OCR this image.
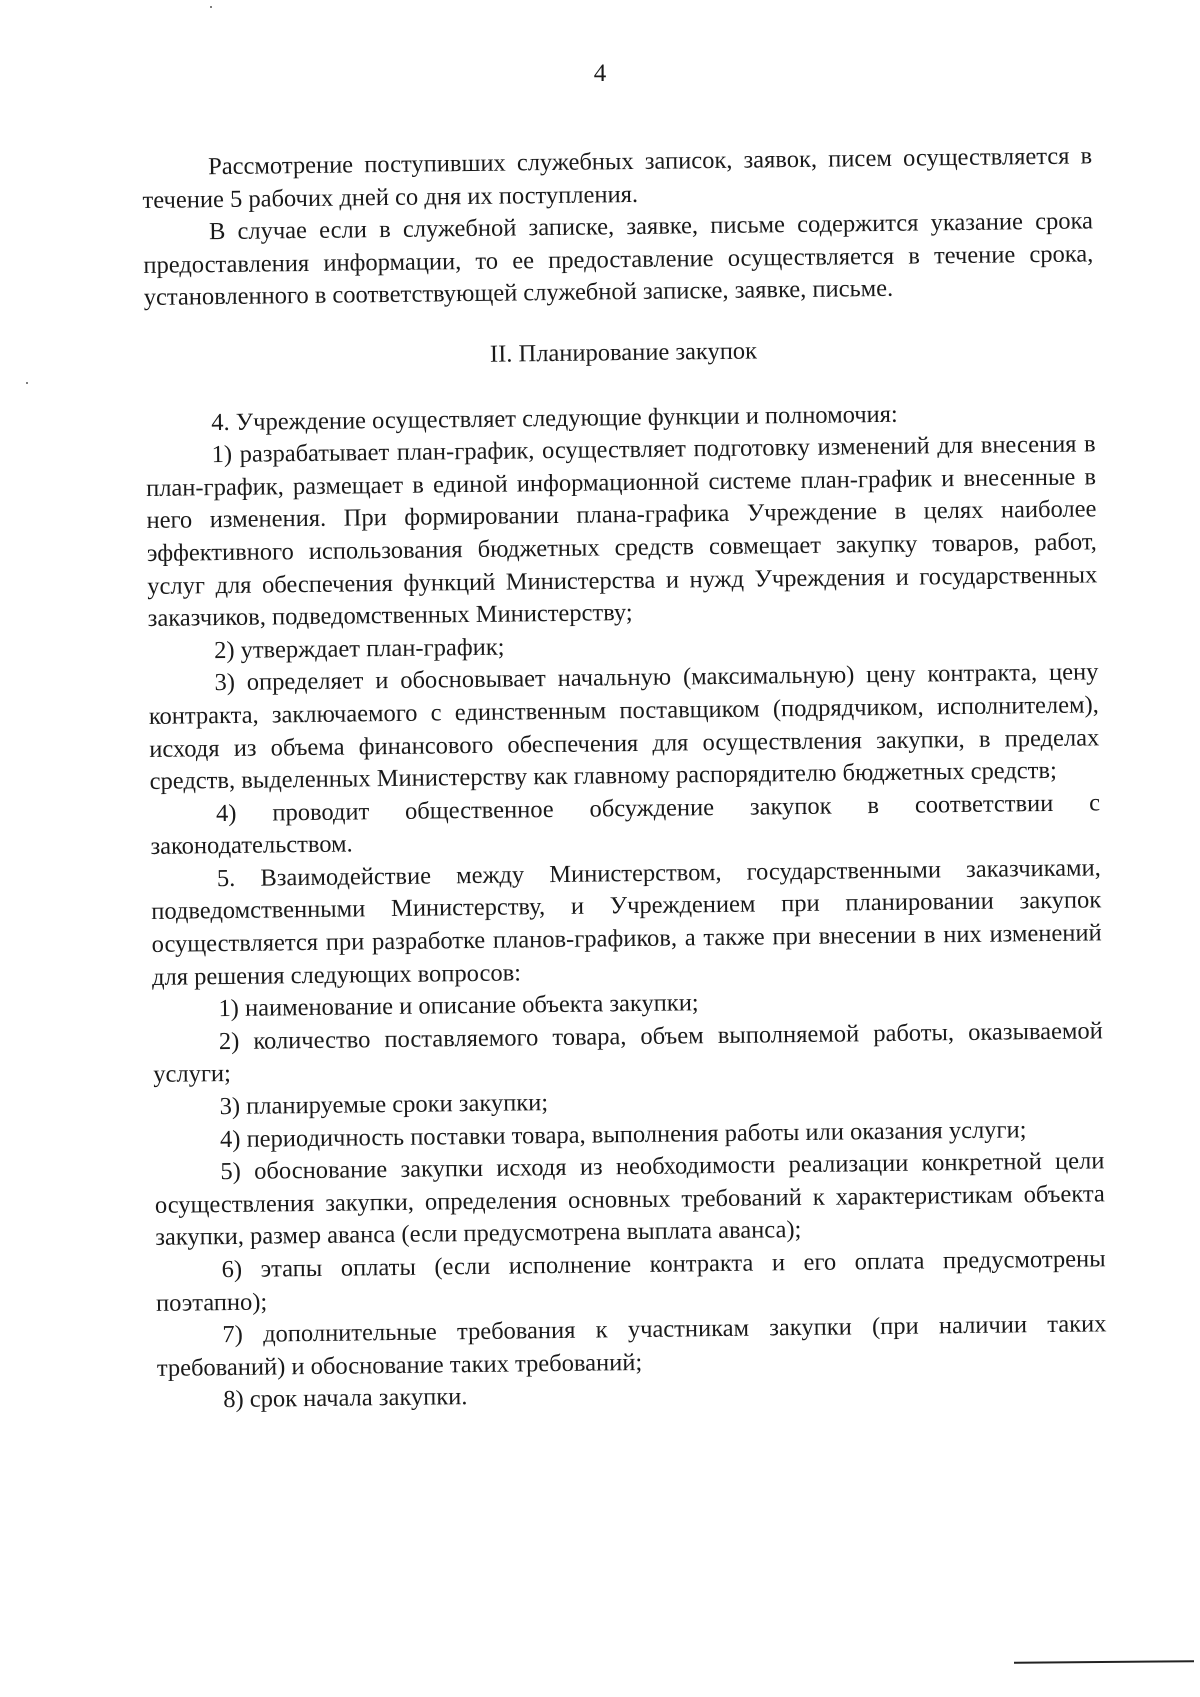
4

Рассмотрение поступивших служебных записок, заявок, писем осуществляется в течение 5 рабочих дней со дня их поступления.

В случае если в служебной записке, заявке, письме содержится указание срока предоставления информации, то ее предоставление осуществляется в течение срока, установленного в соответствующей служебной записке, заявке, письме.

II. Планирование закупок

4. Учреждение осуществляет следующие функции и полномочия:

1) разрабатывает план-график, осуществляет подготовку изменений для внесения в план-график, размещает в единой информационной системе план-график и внесенные в него изменения. При формировании плана-графика Учреждение в целях наиболее эффективного использования бюджетных средств совмещает закупку товаров, работ, услуг для обеспечения функций Министерства и нужд Учреждения и государственных заказчиков, подведомственных Министерству;

2) утверждает план-график;

3) определяет и обосновывает начальную (максимальную) цену контракта, цену контракта, заключаемого с единственным поставщиком (подрядчиком, исполнителем), исходя из объема финансового обеспечения для осуществления закупки, в пределах средств, выделенных Министерству как главному распорядителю бюджетных средств;

4) проводит общественное обсуждение закупок в соответствии с законодательством.

5. Взаимодействие между Министерством, государственными заказчиками, подведомственными Министерству, и Учреждением при планировании закупок осуществляется при разработке планов-графиков, а также при внесении в них изменений для решения следующих вопросов:

1) наименование и описание объекта закупки;

2) количество поставляемого товара, объем выполняемой работы, оказываемой услуги;

3) планируемые сроки закупки;

4) периодичность поставки товара, выполнения работы или оказания услуги;

5) обоснование закупки исходя из необходимости реализации конкретной цели осуществления закупки, определения основных требований к характеристикам объекта закупки, размер аванса (если предусмотрена выплата аванса);

6) этапы оплаты (если исполнение контракта и его оплата предусмотрены поэтапно);

7) дополнительные требования к участникам закупки (при наличии таких требований) и обоснование таких требований;

8) срок начала закупки.
